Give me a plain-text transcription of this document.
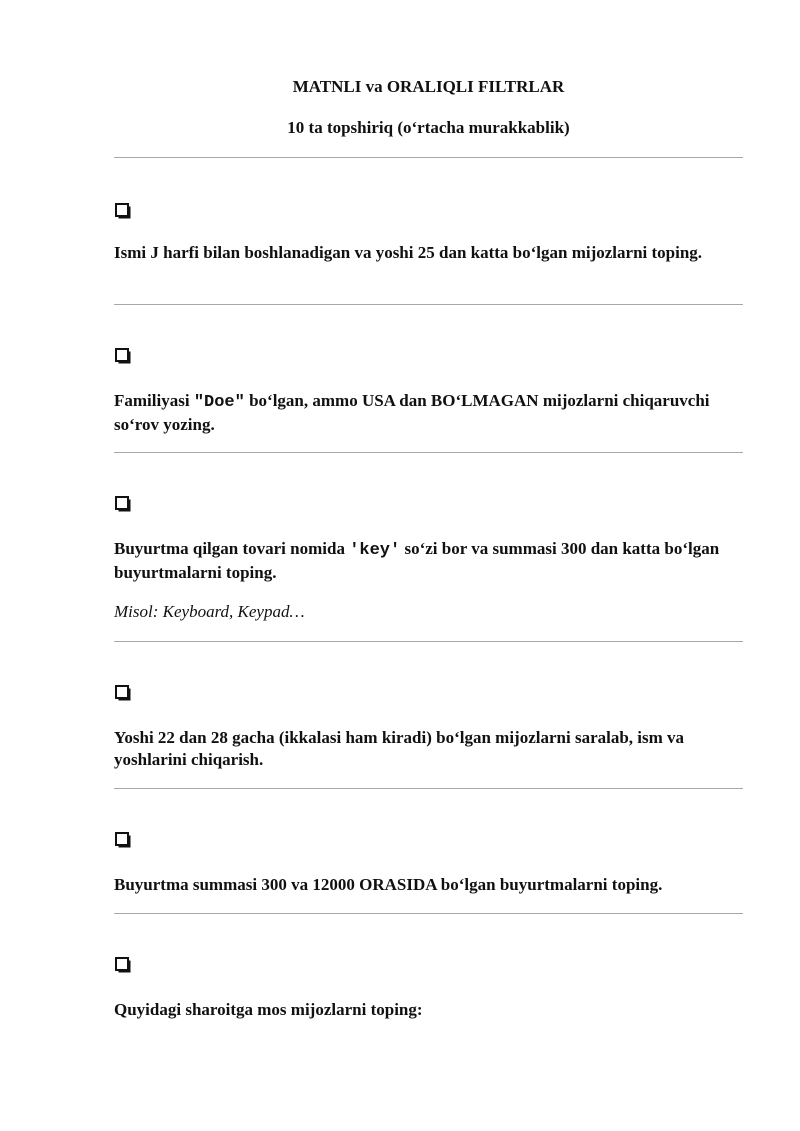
MATNLI va ORALIQLI FILTRLAR
10 ta topshiriq (o‘rtacha murakkablik)
Ismi J harfi bilan boshlanadigan va yoshi 25 dan katta bo‘lgan mijozlarni toping.
Familiyasi "Doe" bo‘lgan, ammo USA dan BO‘LMAGAN mijozlarni chiqaruvchi so‘rov yozing.
Buyurtma qilgan tovari nomida 'key' so‘zi bor va summasi 300 dan katta bo‘lgan buyurtmalarni toping.
Misol: Keyboard, Keypad…
Yoshi 22 dan 28 gacha (ikkalasi ham kiradi) bo‘lgan mijozlarni saralab, ism va yoshlarini chiqarish.
Buyurtma summasi 300 va 12000 ORASIDA bo‘lgan buyurtmalarni toping.
Quyidagi sharoitga mos mijozlarni toping:
